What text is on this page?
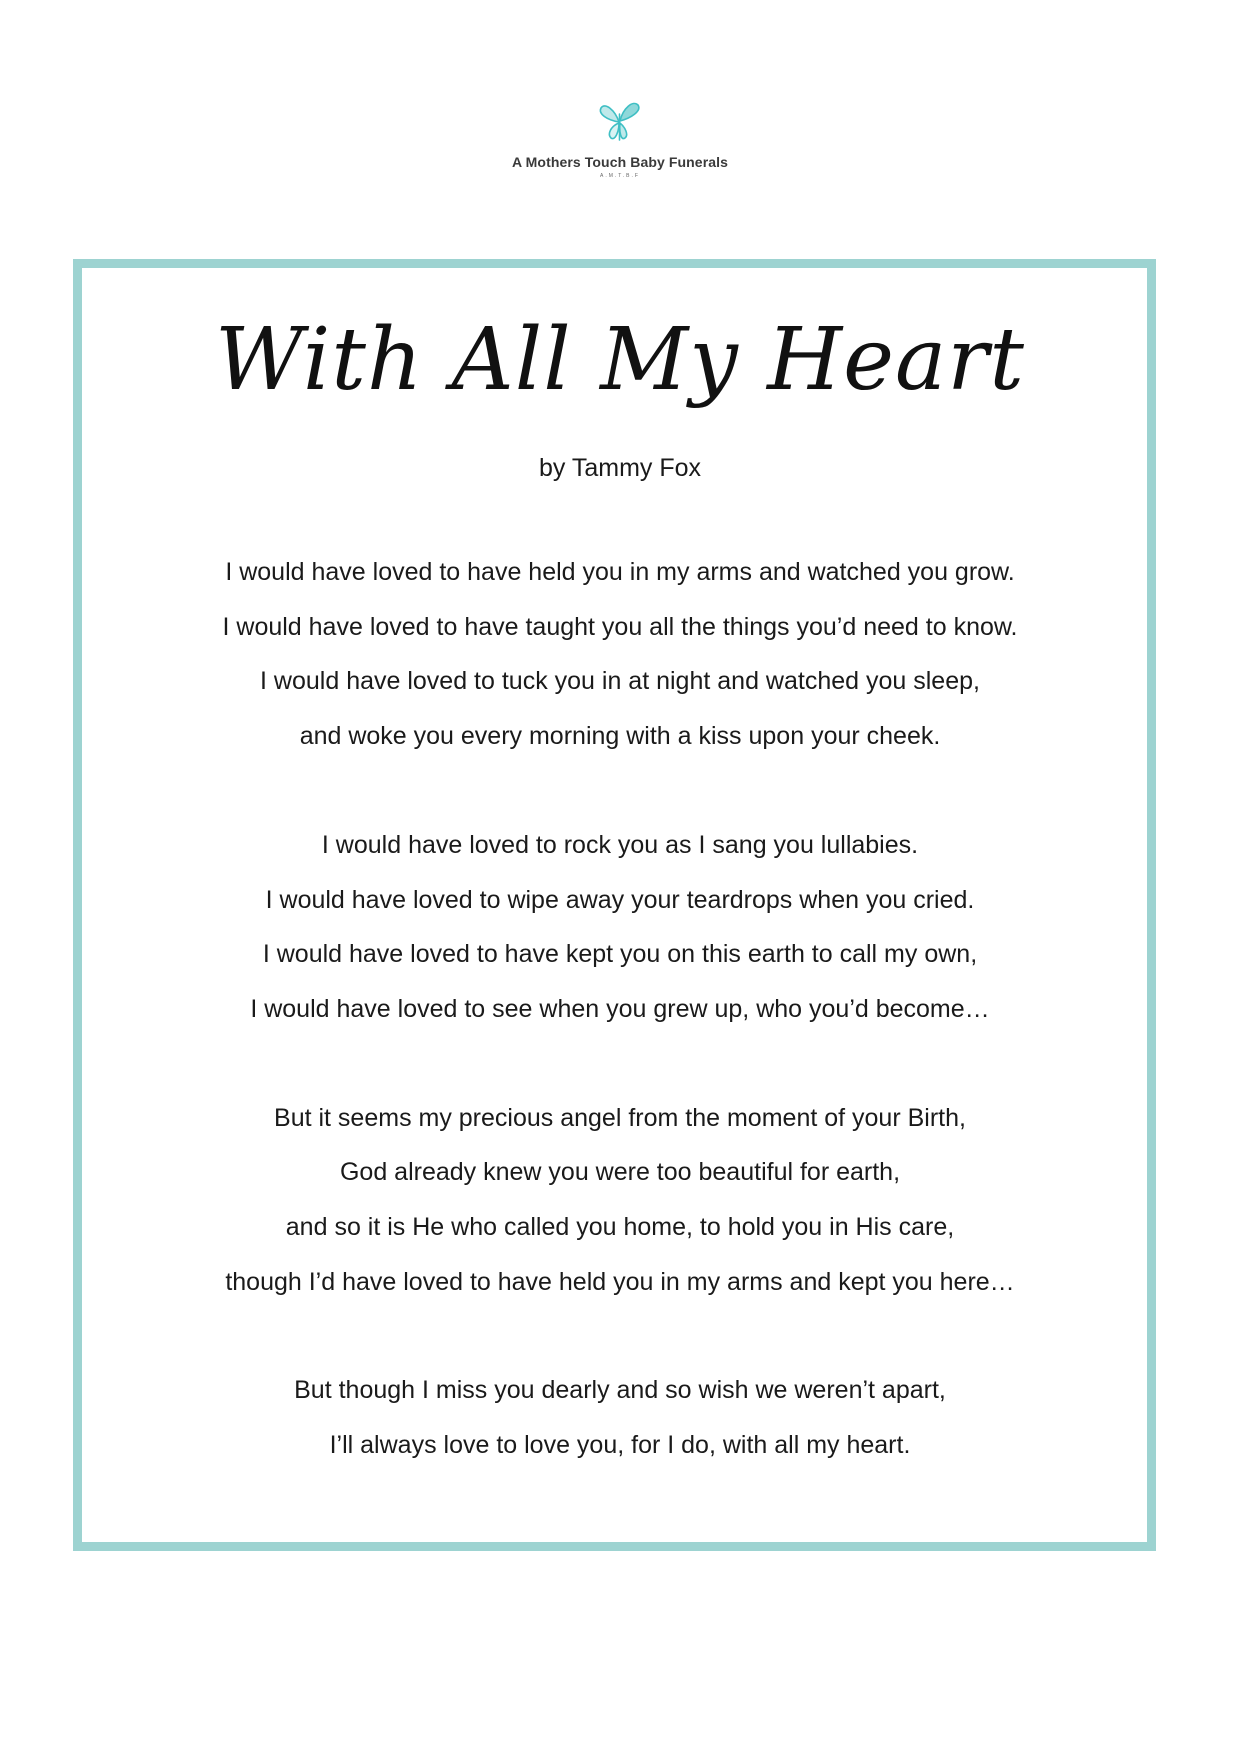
A Mothers Touch Baby Funerals
A.M.T.B.F
With All My Heart
by Tammy Fox
I would have loved to have held you in my arms and watched you grow.
I would have loved to have taught you all the things you’d need to know.
I would have loved to tuck you in at night and watched you sleep,
and woke you every morning with a kiss upon your cheek.
I would have loved to rock you as I sang you lullabies.
I would have loved to wipe away your teardrops when you cried.
I would have loved to have kept you on this earth to call my own,
I would have loved to see when you grew up, who you’d become…
But it seems my precious angel from the moment of your Birth,
God already knew you were too beautiful for earth,
and so it is He who called you home, to hold you in His care,
though I’d have loved to have held you in my arms and kept you here…
But though I miss you dearly and so wish we weren’t apart,
I’ll always love to love you, for I do, with all my heart.
